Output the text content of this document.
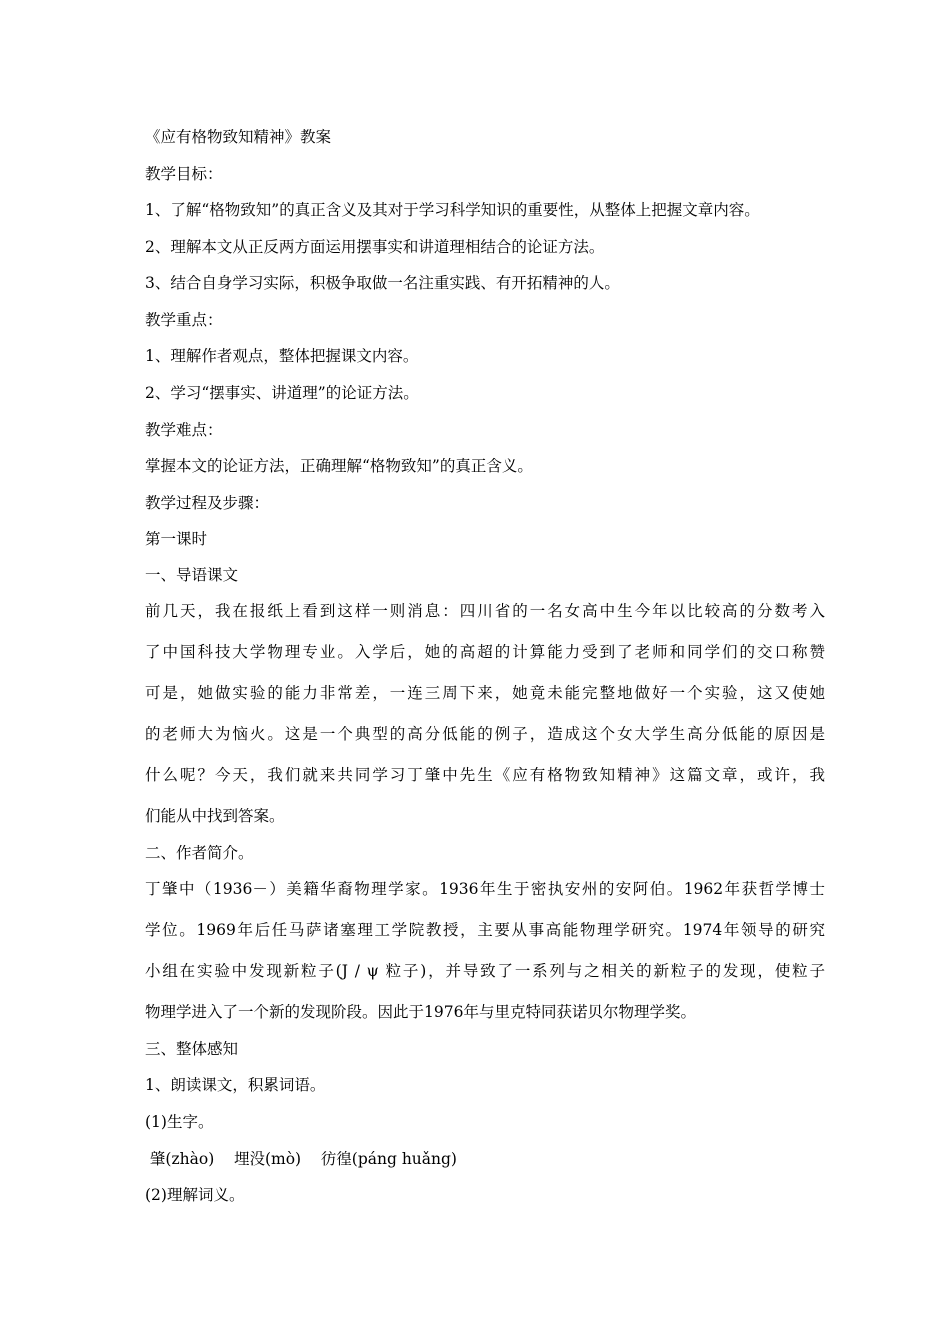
《应有格物致知精神》教案
教学目标：
1、了解“格物致知”的真正含义及其对于学习科学知识的重要性，从整体上把握文章内容。
2、理解本文从正反两方面运用摆事实和讲道理相结合的论证方法。
3、结合自身学习实际，积极争取做一名注重实践、有开拓精神的人。
教学重点：
1、理解作者观点，整体把握课文内容。
2、学习“摆事实、讲道理”的论证方法。
教学难点：
掌握本文的论证方法，正确理解“格物致知”的真正含义。
教学过程及步骤：
第一课时
一、导语课文
前几天，我在报纸上看到这样一则消息：四川省的一名女高中生今年以比较高的分数考入
了中国科技大学物理专业。入学后，她的高超的计算能力受到了老师和同学们的交口称赞
可是，她做实验的能力非常差，一连三周下来，她竟未能完整地做好一个实验，这又使她
的老师大为恼火。这是一个典型的高分低能的例子，造成这个女大学生高分低能的原因是
什么呢？今天，我们就来共同学习丁肇中先生《应有格物致知精神》这篇文章，或许，我
们能从中找到答案。
二、作者简介。
丁肇中（1936－）美籍华裔物理学家。1936年生于密执安州的安阿伯。1962年获哲学博士
学位。1969年后任马萨诸塞理工学院教授，主要从事高能物理学研究。1974年领导的研究
小组在实验中发现新粒子(J / ψ 粒子)，并导致了一系列与之相关的新粒子的发现，使粒子
物理学进入了一个新的发现阶段。因此于1976年与里克特同获诺贝尔物理学奖。
三、整体感知
1、朗读课文，积累词语。
(1)生字。
肇(zhào)    埋没(mò)    彷徨(páng huǎng)
(2)理解词义。
